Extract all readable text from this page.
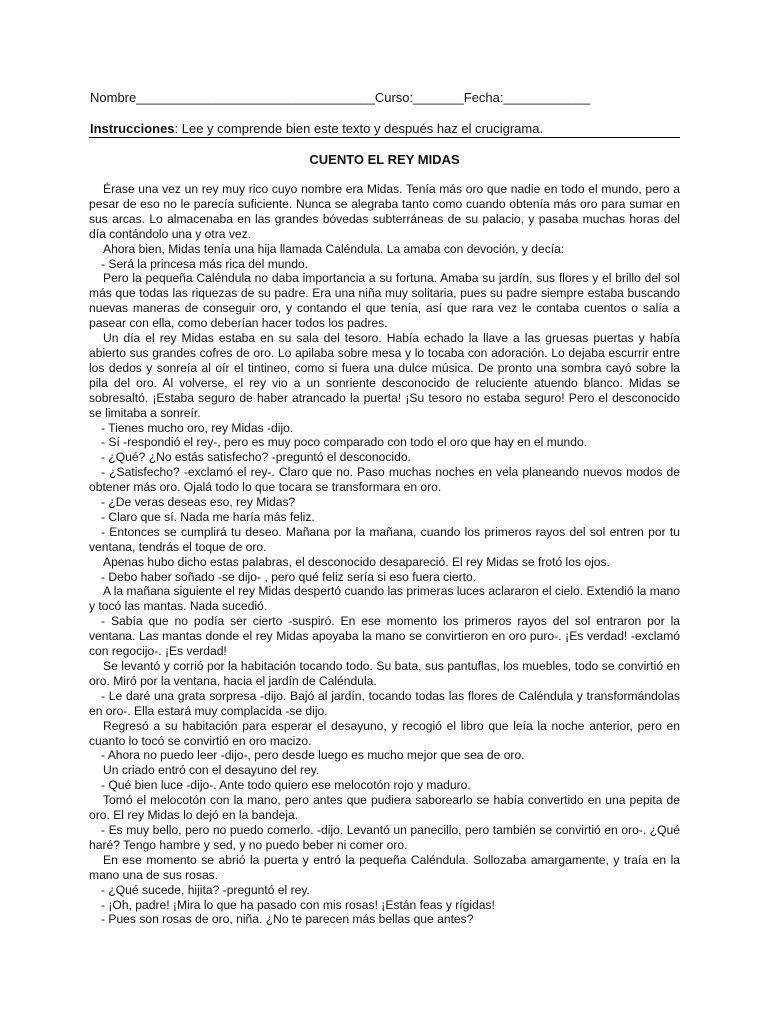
Nombre_________________________________Curso:_______Fecha:____________
Instrucciones: Lee y comprende bien este texto y después haz el crucigrama.
CUENTO EL REY MIDAS

Érase una vez un rey muy rico cuyo nombre era Midas. Tenía más oro que nadie en todo el mundo, pero a pesar de eso no le parecía suficiente. Nunca se alegraba tanto como cuando obtenía más oro para sumar en sus arcas. Lo almacenaba en las grandes bóvedas subterráneas de su palacio, y pasaba muchas horas del día contándolo una y otra vez.

Ahora bien, Midas tenía una hija llamada Caléndula. La amaba con devoción, y decía:

- Será la princesa más rica del mundo.

Pero la pequeña Caléndula no daba importancia a su fortuna. Amaba su jardín, sus flores y el brillo del sol más que todas las riquezas de su padre. Era una niña muy solitaria, pues su padre siempre estaba buscando nuevas maneras de conseguir oro, y contando el que tenía, así que rara vez le contaba cuentos o salía a pasear con ella, como deberían hacer todos los padres.

Un día el rey Midas estaba en su sala del tesoro. Había echado la llave a las gruesas puertas y había abierto sus grandes cofres de oro. Lo apilaba sobre mesa y lo tocaba con adoración. Lo dejaba escurrir entre los dedos y sonreía al oír el tintineo, como si fuera una dulce música. De pronto una sombra cayó sobre la pila del oro. Al volverse, el rey vio a un sonriente desconocido de reluciente atuendo blanco. Midas se sobresaltó. ¡Estaba seguro de haber atrancado la puerta! ¡Su tesoro no estaba seguro! Pero el desconocido se limitaba a sonreír.

- Tienes mucho oro, rey Midas -dijo.

- Sí -respondió el rey-, pero es muy poco comparado con todo el oro que hay en el mundo.

- ¿Qué? ¿No estás satisfecho? -preguntó el desconocido.

- ¿Satisfecho? -exclamó el rey-. Claro que no. Paso muchas noches en vela planeando nuevos modos de obtener más oro. Ojalá todo lo que tocara se transformara en oro.

- ¿De veras deseas eso, rey Midas?

- Claro que sí. Nada me haría más feliz.

- Entonces se cumplirá tu deseo. Mañana por la mañana, cuando los primeros rayos del sol entren por tu ventana, tendrás el toque de oro.

Apenas hubo dicho estas palabras, el desconocido desapareció. El rey Midas se frotó los ojos.

- Debo haber soñado -se dijo- , pero qué feliz sería si eso fuera cierto.

A la mañana siguiente el rey Midas despertó cuando las primeras luces aclararon el cielo. Extendió la mano y tocó las mantas. Nada sucedió.

- Sabía que no podía ser cierto -suspiró. En ese momento los primeros rayos del sol entraron por la ventana. Las mantas donde el rey Midas apoyaba la mano se convirtieron en oro puro-. ¡Es verdad! -exclamó con regocijo-. ¡Es verdad!

Se levantó y corrió por la habitación tocando todo. Su bata, sus pantuflas, los muebles, todo se convirtió en oro. Miró por la ventana, hacia el jardín de Caléndula.

- Le daré una grata sorpresa -dijo. Bajó al jardín, tocando todas las flores de Caléndula y transformándolas en oro-. Ella estará muy complacida -se dijo.

Regresó a su habitación para esperar el desayuno, y recogió el libro que leía la noche anterior, pero en cuanto lo tocó se convirtió en oro macizo.

- Ahora no puedo leer -dijo-, pero desde luego es mucho mejor que sea de oro.

Un criado entró con el desayuno del rey.

- Qué bien luce -dijo-. Ante todo quiero ese melocotón rojo y maduro.

Tomó el melocotón con la mano, pero antes que pudiera saborearlo se había convertido en una pepita de oro. El rey Midas lo dejó en la bandeja.

- Es muy bello, pero no puedo comerlo. -dijo. Levantó un panecillo, pero también se convirtió en oro-. ¿Qué haré? Tengo hambre y sed, y no puedo beber ni comer oro.

En ese momento se abrió la puerta y entró la pequeña Caléndula. Sollozaba amargamente, y traía en la mano una de sus rosas.

- ¿Qué sucede, hijita? -preguntó el rey.

- ¡Oh, padre! ¡Mira lo que ha pasado con mis rosas! ¡Están feas y rígidas!

- Pues son rosas de oro, niña. ¿No te parecen más bellas que antes?
